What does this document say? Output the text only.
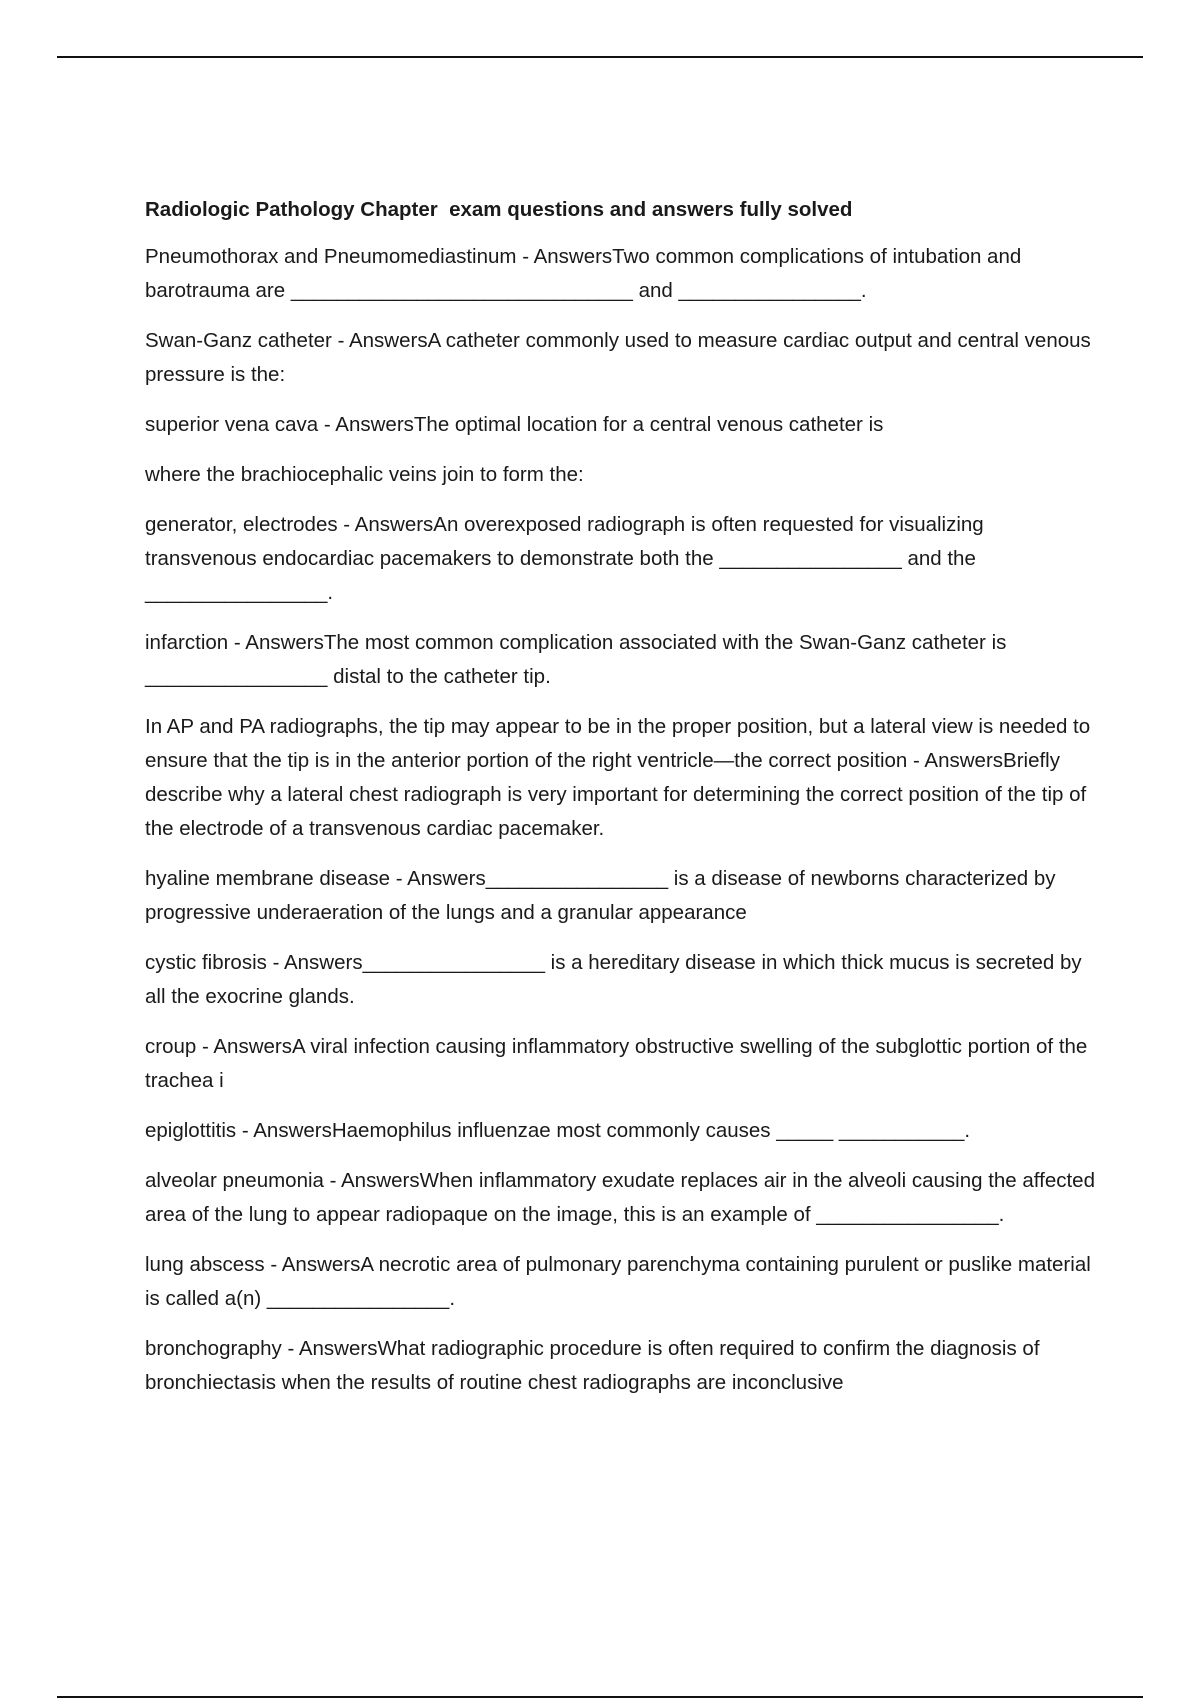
Radiologic Pathology Chapter  exam questions and answers fully solved

Pneumothorax and Pneumomediastinum - AnswersTwo common complications of intubation and barotrauma are ______________________________ and ________________.

Swan-Ganz catheter - AnswersA catheter commonly used to measure cardiac output and central venous pressure is the:

superior vena cava - AnswersThe optimal location for a central venous catheter is

where the brachiocephalic veins join to form the:

generator, electrodes - AnswersAn overexposed radiograph is often requested for visualizing transvenous endocardiac pacemakers to demonstrate both the ________________ and the ________________.

infarction - AnswersThe most common complication associated with the Swan-Ganz catheter is ________________ distal to the catheter tip.

In AP and PA radiographs, the tip may appear to be in the proper position, but a lateral view is needed to ensure that the tip is in the anterior portion of the right ventricle—the correct position - AnswersBriefly describe why a lateral chest radiograph is very important for determining the correct position of the tip of the electrode of a transvenous cardiac pacemaker.

hyaline membrane disease - Answers________________ is a disease of newborns characterized by progressive underaeration of the lungs and a granular appearance

cystic fibrosis - Answers________________ is a hereditary disease in which thick mucus is secreted by all the exocrine glands.

croup - AnswersA viral infection causing inflammatory obstructive swelling of the subglottic portion of the trachea i

epiglottitis - AnswersHaemophilus influenzae most commonly causes _____ ___________.

alveolar pneumonia - AnswersWhen inflammatory exudate replaces air in the alveoli causing the affected area of the lung to appear radiopaque on the image, this is an example of ________________.

lung abscess - AnswersA necrotic area of pulmonary parenchyma containing purulent or puslike material is called a(n) ________________.

bronchography - AnswersWhat radiographic procedure is often required to confirm the diagnosis of bronchiectasis when the results of routine chest radiographs are inconclusive
